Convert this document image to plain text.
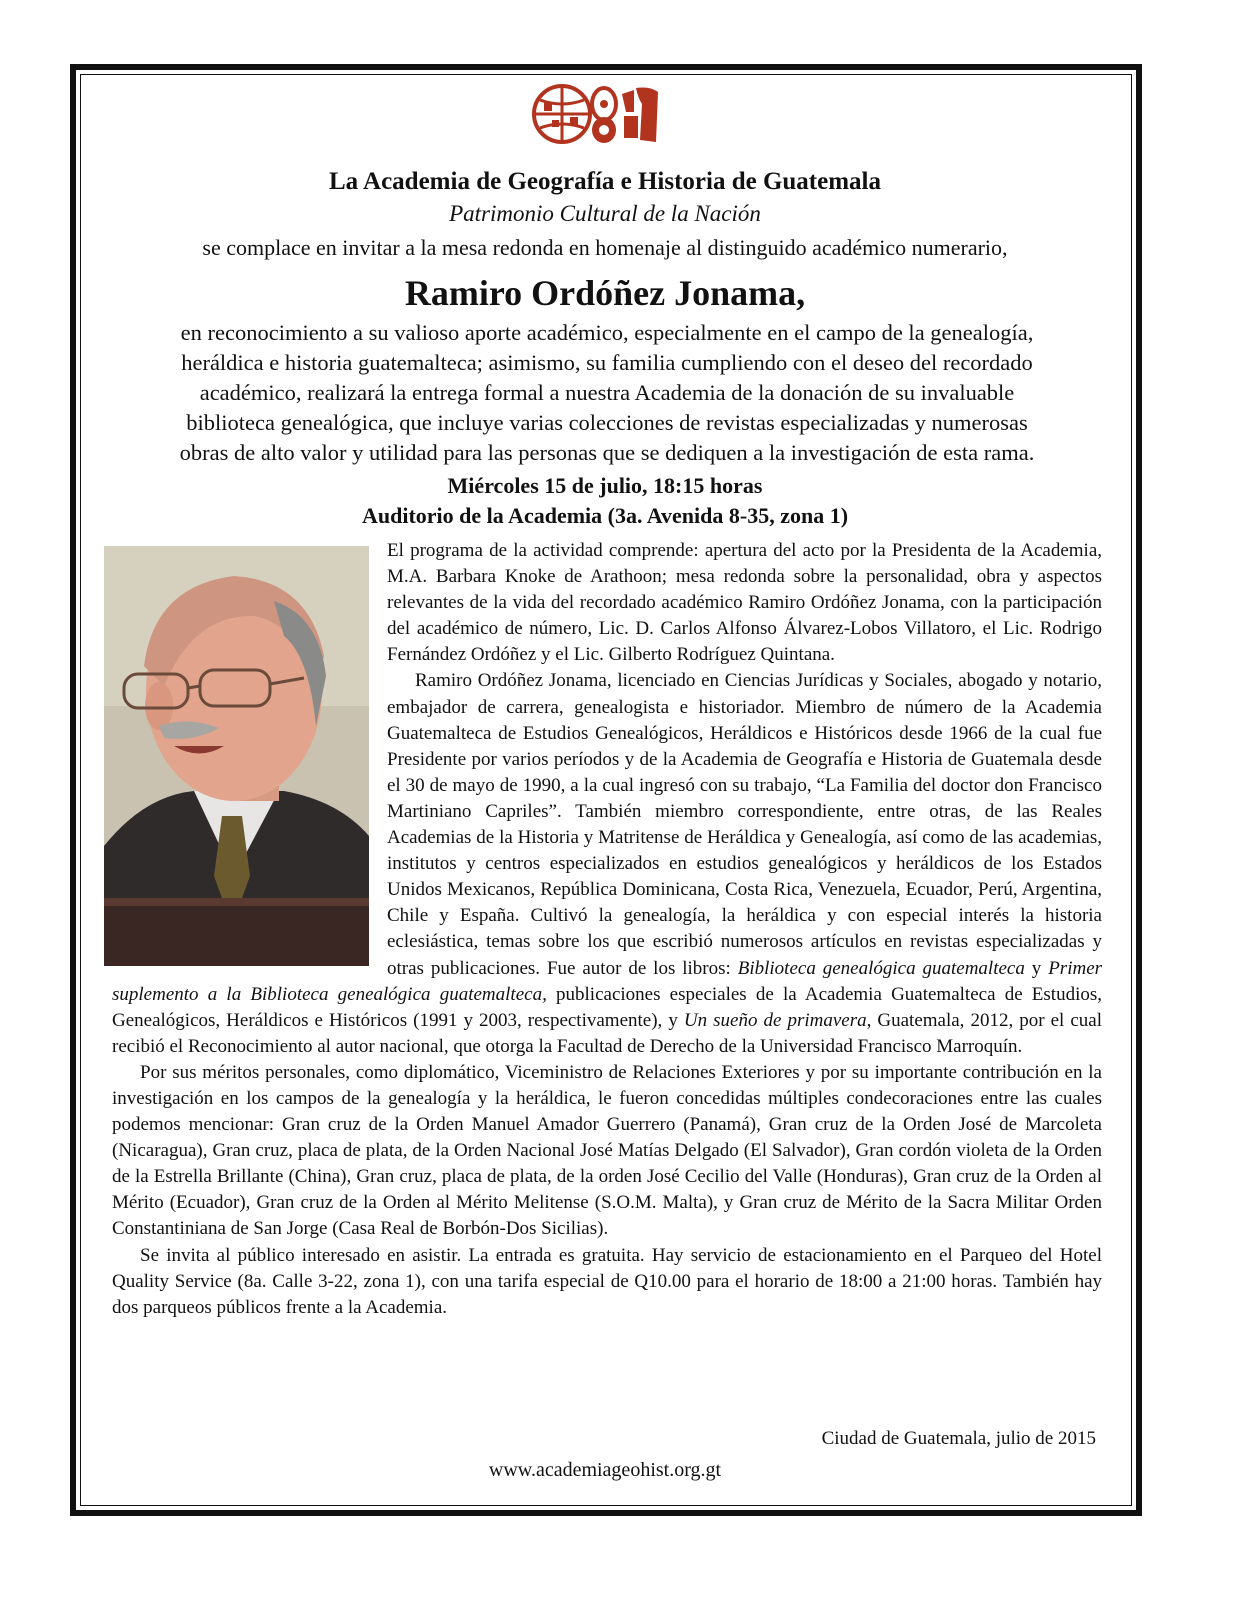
La Academia de Geografía e Historia de Guatemala
Patrimonio Cultural de la Nación
se complace en invitar a la mesa redonda en homenaje al distinguido académico numerario,
Ramiro Ordóñez Jonama,
en reconocimiento a su valioso aporte académico, especialmente en el campo de la genealogía,
heráldica e historia guatemalteca; asimismo, su familia cumpliendo con el deseo del recordado
académico, realizará la entrega formal a nuestra Academia de la donación de su invaluable
biblioteca genealógica, que incluye varias colecciones de revistas especializadas y numerosas
obras de alto valor y utilidad para las personas que se dediquen a la investigación de esta rama.
Miércoles 15 de julio, 18:15 horas
Auditorio de la Academia (3a. Avenida 8-35, zona 1)

El programa de la actividad comprende: apertura del acto por la Presidenta de la Academia, M.A. Barbara Knoke de Arathoon; mesa redonda sobre la personalidad, obra y aspectos relevantes de la vida del recordado académico Ramiro Ordóñez Jonama, con la participación del académico de número, Lic. D. Carlos Alfonso Álvarez-Lobos Villatoro, el Lic. Rodrigo Fernández Ordóñez y el Lic. Gilberto Rodríguez Quintana.

Ramiro Ordóñez Jonama, licenciado en Ciencias Jurídicas y Sociales, abogado y notario, embajador de carrera, genealogista e historiador. Miembro de número de la Academia Guatemalteca de Estudios Genealógicos, Heráldicos e Históricos desde 1966 de la cual fue Presidente por varios períodos y de la Academia de Geografía e Historia de Guatemala desde el 30 de mayo de 1990, a la cual ingresó con su trabajo, “La Familia del doctor don Francisco Martiniano Capriles”. También miembro correspondiente, entre otras, de las Reales Academias de la Historia y Matritense de Heráldica y Genealogía, así como de las academias, institutos y centros especializados en estudios genealógicos y heráldicos de los Estados Unidos Mexicanos, República Dominicana, Costa Rica, Venezuela, Ecuador, Perú, Argentina, Chile y España. Cultivó la genealogía, la heráldica y con especial interés la historia eclesiástica, temas sobre los que escribió numerosos artículos en revistas especializadas y otras publicaciones. Fue autor de los libros: Biblioteca genealógica guatemalteca y Primer suplemento a la Biblioteca genealógica guatemalteca, publicaciones especiales de la Academia Guatemalteca de Estudios, Genealógicos, Heráldicos e Históricos (1991 y 2003, respectivamente), y Un sueño de primavera, Guatemala, 2012, por el cual recibió el Reconocimiento al autor nacional, que otorga la Facultad de Derecho de la Universidad Francisco Marroquín.

Por sus méritos personales, como diplomático, Viceministro de Relaciones Exteriores y por su importante contribución en la investigación en los campos de la genealogía y la heráldica, le fueron concedidas múltiples condecoraciones entre las cuales podemos mencionar: Gran cruz de la Orden Manuel Amador Guerrero (Panamá), Gran cruz de la Orden José de Marcoleta (Nicaragua), Gran cruz, placa de plata, de la Orden Nacional José Matías Delgado (El Salvador), Gran cordón violeta de la Orden de la Estrella Brillante (China), Gran cruz, placa de plata, de la orden José Cecilio del Valle (Honduras), Gran cruz de la Orden al Mérito (Ecuador), Gran cruz de la Orden al Mérito Melitense (S.O.M. Malta), y Gran cruz de Mérito de la Sacra Militar Orden Constantiniana de San Jorge (Casa Real de Borbón-Dos Sicilias).

Se invita al público interesado en asistir. La entrada es gratuita. Hay servicio de estacionamiento en el Parqueo del Hotel Quality Service (8a. Calle 3-22, zona 1), con una tarifa especial de Q10.00 para el horario de 18:00 a 21:00 horas. También hay dos parqueos públicos frente a la Academia.

Ciudad de Guatemala, julio de 2015
www.academiageohist.org.gt
